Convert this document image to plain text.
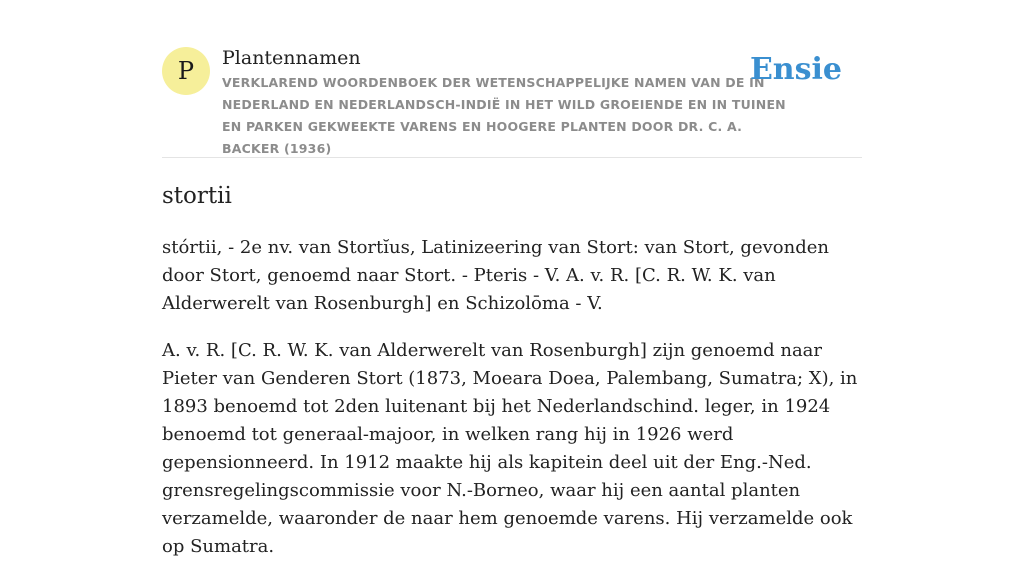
P Plantennamen
VERKLAREND WOORDENBOEK DER WETENSCHAPPELIJKE NAMEN VAN DE IN NEDERLAND EN NEDERLANDSCH-INDIË IN HET WILD GROEIENDE EN IN TUINEN EN PARKEN GEKWEEKTE VARENS EN HOOGERE PLANTEN DOOR DR. C. A. BACKER (1936)
Ensie
stortii

stórtii, - 2e nv. van Stortĭus, Latinizeering van Stort: van Stort, gevonden door Stort, genoemd naar Stort. - Pteris - V. A. v. R. [C. R. W. K. van Alderwerelt van Rosenburgh] en Schizolōma - V.

A. v. R. [C. R. W. K. van Alderwerelt van Rosenburgh] zijn genoemd naar Pieter van Genderen Stort (1873, Moeara Doea, Palembang, Sumatra; X), in 1893 benoemd tot 2den luitenant bij het Nederlandschind. leger, in 1924 benoemd tot generaal-majoor, in welken rang hij in 1926 werd gepensionneerd. In 1912 maakte hij als kapitein deel uit der Eng.-Ned. grensregelingscommissie voor N.-Borneo, waar hij een aantal planten verzamelde, waaronder de naar hem genoemde varens. Hij verzamelde ook op Sumatra.
